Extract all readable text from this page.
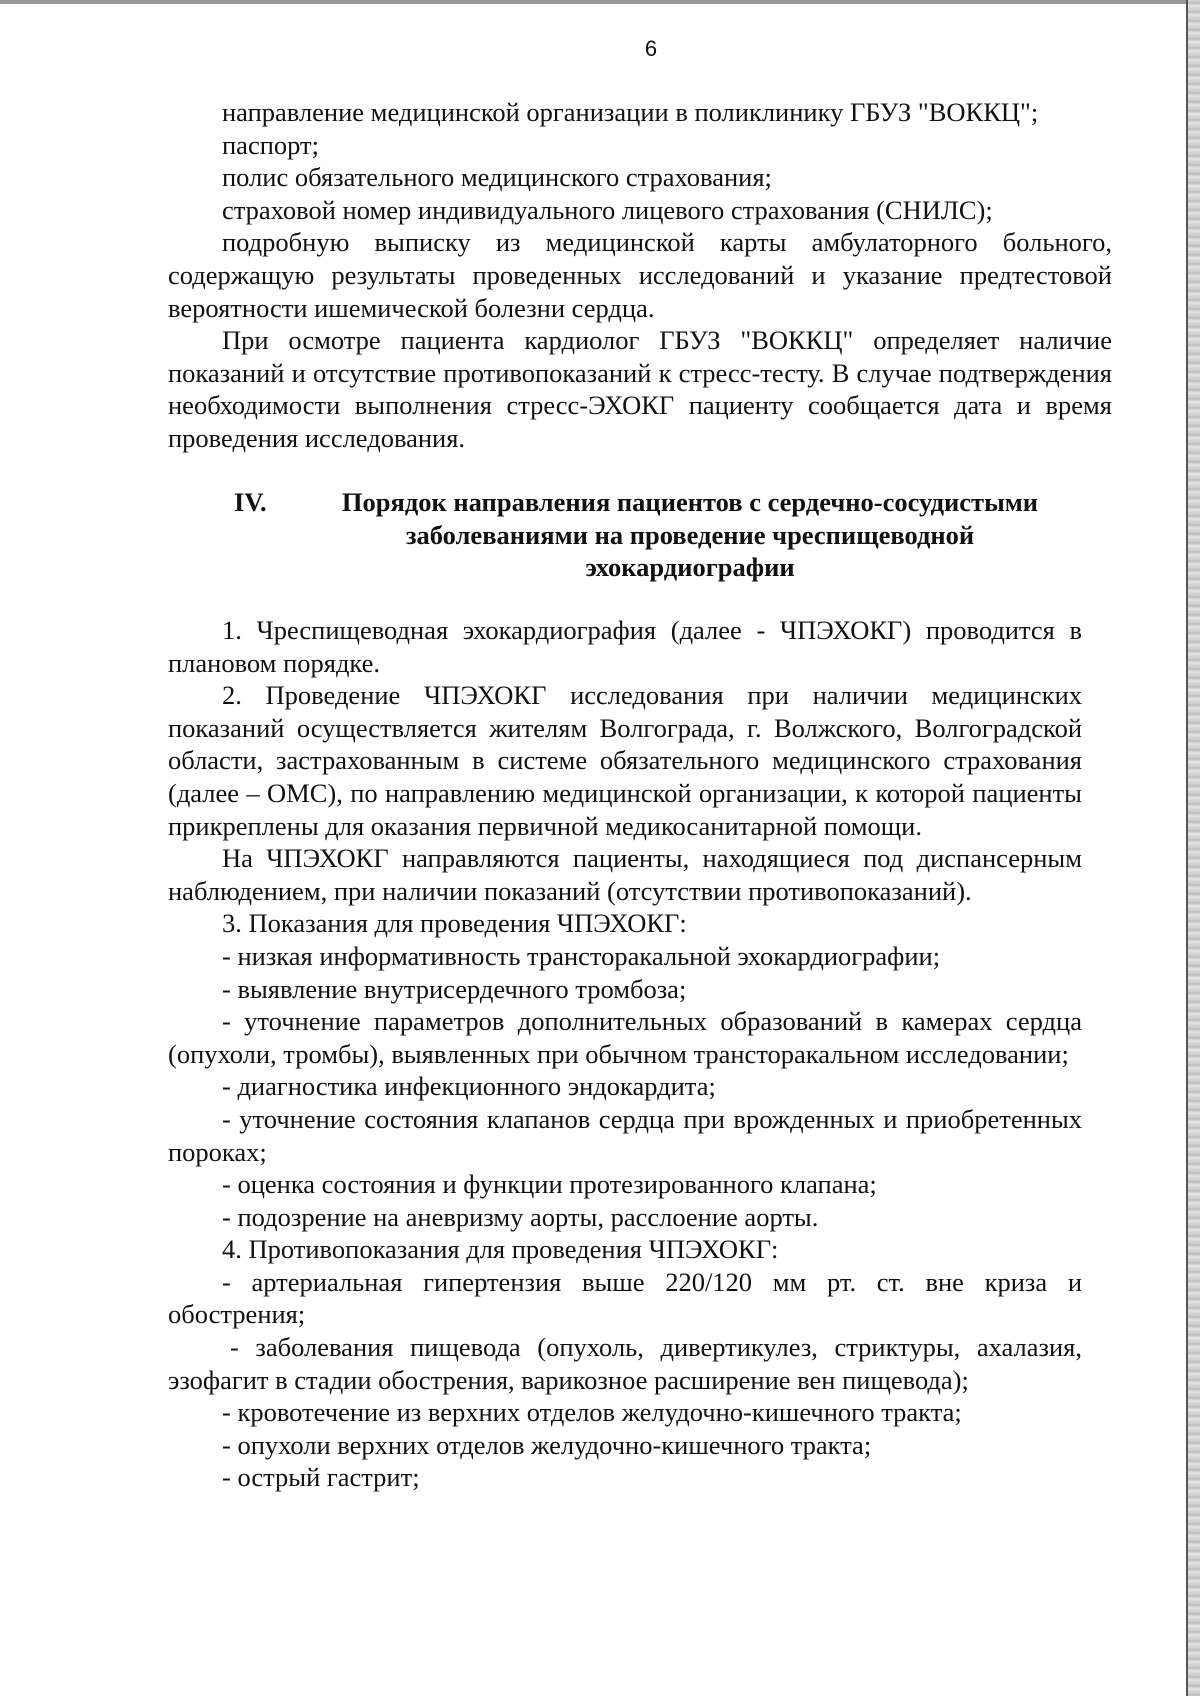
6

направление медицинской организации в поликлинику ГБУЗ "ВОККЦ";

паспорт;

полис обязательного медицинского страхования;

страховой номер индивидуального лицевого страхования (СНИЛС);

подробную выписку из медицинской карты амбулаторного больного, содержащую результаты проведенных исследований и указание предтестовой вероятности ишемической болезни сердца.

При осмотре пациента кардиолог ГБУЗ "ВОККЦ" определяет наличие показаний и отсутствие противопоказаний к стресс-тесту. В случае подтверждения необходимости выполнения стресс-ЭХОКГ пациенту сообщается дата и время проведения исследования.

IV.	Порядок направления пациентов с сердечно-сосудистыми заболеваниями на проведение чреспищеводной эхокардиографии

1. Чреспищеводная эхокардиография (далее - ЧПЭХОКГ) проводится в плановом порядке.

2. Проведение ЧПЭХОКГ исследования при наличии медицинских показаний осуществляется жителям Волгограда, г. Волжского, Волгоградской области, застрахованным в системе обязательного медицинского страхования (далее – ОМС), по направлению медицинской организации, к которой пациенты прикреплены для оказания первичной медикосанитарной помощи.

На ЧПЭХОКГ направляются пациенты, находящиеся под диспансерным наблюдением, при наличии показаний (отсутствии противопоказаний).

3. Показания для проведения ЧПЭХОКГ:

- низкая информативность трансторакальной эхокардиографии;

- выявление внутрисердечного тромбоза;

- уточнение параметров дополнительных образований в камерах сердца (опухоли, тромбы), выявленных при обычном трансторакальном исследовании;

- диагностика инфекционного эндокардита;

- уточнение состояния клапанов сердца при врожденных и приобретенных пороках;

- оценка состояния и функции протезированного клапана;

- подозрение на аневризму аорты, расслоение аорты.

4. Противопоказания для проведения ЧПЭХОКГ:

- артериальная гипертензия выше 220/120 мм рт. ст. вне криза и обострения;

- заболевания пищевода (опухоль, дивертикулез, стриктуры, ахалазия, эзофагит в стадии обострения, варикозное расширение вен пищевода);

- кровотечение из верхних отделов желудочно-кишечного тракта;

- опухоли верхних отделов желудочно-кишечного тракта;

- острый гастрит;
